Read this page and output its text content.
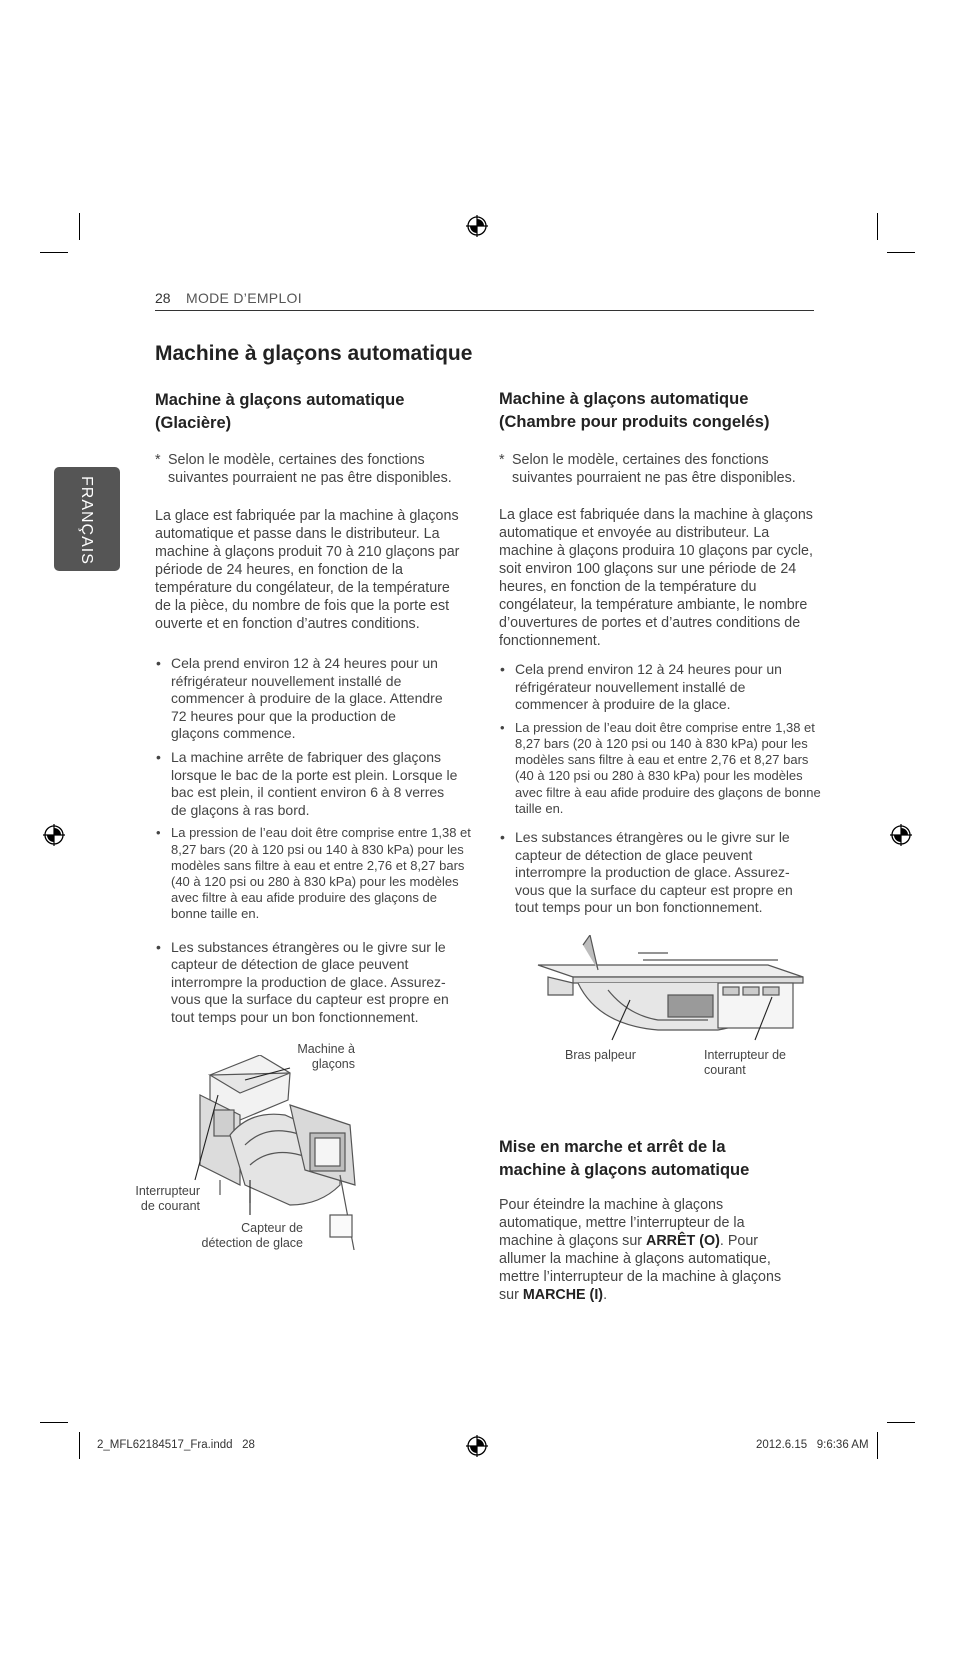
28 MODE D’EMPLOI
FRANÇAIS
Machine à glaçons automatique
Machine à glaçons automatique (Glacière)
* Selon le modèle, certaines des fonctions suivantes pourraient ne pas être disponibles.
La glace est fabriquée par la machine à glaçons automatique et passe dans le distributeur. La machine à glaçons produit 70 à 210 glaçons par période de 24 heures, en fonction de la température du congélateur, de la température de la pièce, du nombre de fois que la porte est ouverte et en fonction d’autres conditions.
• Cela prend environ 12 à 24 heures pour un réfrigérateur nouvellement installé de commencer à produire de la glace. Attendre 72 heures pour que la production de glaçons commence.
• La machine arrête de fabriquer des glaçons lorsque le bac de la porte est plein. Lorsque le bac est plein, il contient environ 6 à 8 verres de glaçons à ras bord.
• La pression de l’eau doit être comprise entre 1,38 et 8,27 bars (20 à 120 psi ou 140 à 830 kPa) pour les modèles sans filtre à eau et entre 2,76 et 8,27 bars (40 à 120 psi ou 280 à 830 kPa) pour les modèles avec filtre à eau afide produire des glaçons de bonne taille en.
• Les substances étrangères ou le givre sur le capteur de détection de glace peuvent interrompre la production de glace. Assurez-vous que la surface du capteur est propre en tout temps pour un bon fonctionnement.
Machine à glaçons
Interrupteur de courant
Capteur de détection de glace
Machine à glaçons automatique (Chambre pour produits congelés)
* Selon le modèle, certaines des fonctions suivantes pourraient ne pas être disponibles.
La glace est fabriquée dans la machine à glaçons automatique et envoyée au distributeur. La machine à glaçons produira 10 glaçons par cycle, soit environ 100 glaçons sur une période de 24 heures, en fonction de la température du congélateur, la température ambiante, le nombre d’ouvertures de portes et d’autres conditions de fonctionnement.
• Cela prend environ 12 à 24 heures pour un réfrigérateur nouvellement installé de commencer à produire de la glace.
• La pression de l’eau doit être comprise entre 1,38 et 8,27 bars (20 à 120 psi ou 140 à 830 kPa) pour les modèles sans filtre à eau et entre 2,76 et 8,27 bars (40 à 120 psi ou 280 à 830 kPa) pour les modèles avec filtre à eau afide produire des glaçons de bonne taille en.
• Les substances étrangères ou le givre sur le capteur de détection de glace peuvent interrompre la production de glace. Assurez-vous que la surface du capteur est propre en tout temps pour un bon fonctionnement.
Bras palpeur	Interrupteur de courant
Mise en marche et arrêt de la machine à glaçons automatique
Pour éteindre la machine à glaçons automatique, mettre l’interrupteur de la machine à glaçons sur ARRÊT (O). Pour allumer la machine à glaçons automatique, mettre l’interrupteur de la machine à glaçons sur MARCHE (I).
2_MFL62184517_Fra.indd   28	2012.6.15   9:6:36 AM
